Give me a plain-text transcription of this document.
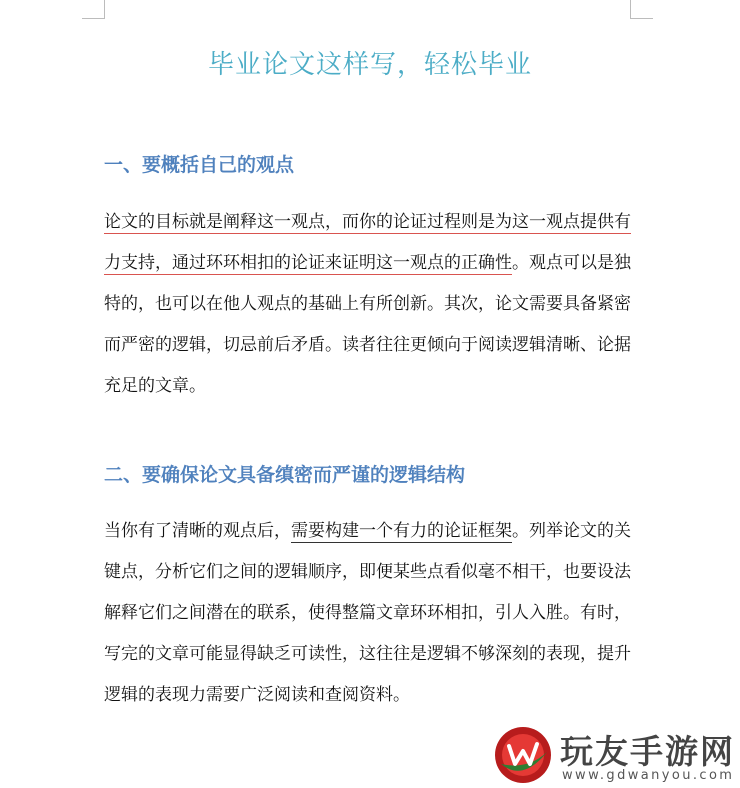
毕业论文这样写，轻松毕业
一、要概括自己的观点

论文的目标就是阐释这一观点，而你的论证过程则是为这一观点提供有力支持，通过环环相扣的论证来证明这一观点的正确性。观点可以是独特的，也可以在他人观点的基础上有所创新。其次，论文需要具备紧密而严密的逻辑，切忌前后矛盾。读者往往更倾向于阅读逻辑清晰、论据充足的文章。

二、要确保论文具备缜密而严谨的逻辑结构

当你有了清晰的观点后，需要构建一个有力的论证框架。列举论文的关键点，分析它们之间的逻辑顺序，即便某些点看似毫不相干，也要设法解释它们之间潜在的联系，使得整篇文章环环相扣，引人入胜。有时，写完的文章可能显得缺乏可读性，这往往是逻辑不够深刻的表现，提升逻辑的表现力需要广泛阅读和查阅资料。

玩友手游网
www.gdwanyou.com
